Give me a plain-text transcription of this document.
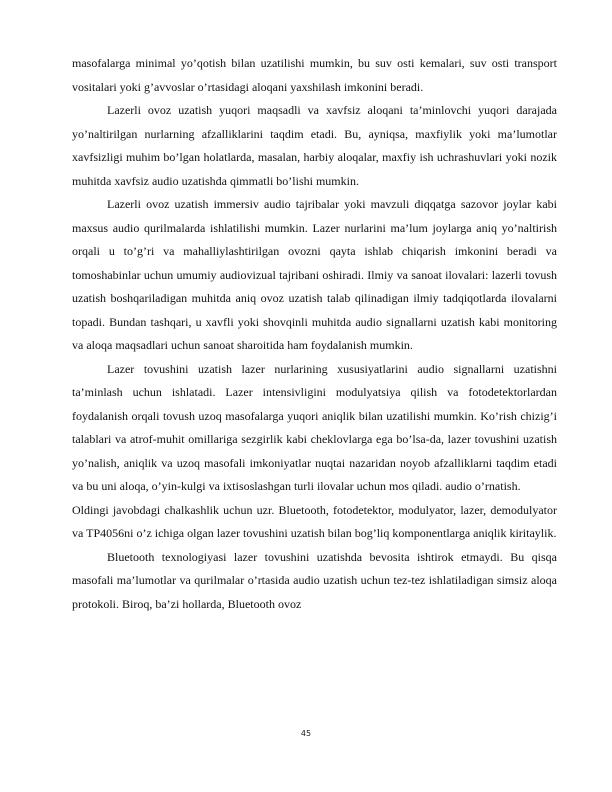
masofalarga minimal yo’qotish bilan uzatilishi mumkin, bu suv osti kemalari, suv osti transport vositalari yoki g’avvoslar o’rtasidagi aloqani yaxshilash imkonini beradi.

Lazerli ovoz uzatish yuqori maqsadli va xavfsiz aloqani ta’minlovchi yuqori darajada yo’naltirilgan nurlarning afzalliklarini taqdim etadi. Bu, ayniqsa, maxfiylik yoki ma’lumotlar xavfsizligi muhim bo’lgan holatlarda, masalan, harbiy aloqalar, maxfiy ish uchrashuvlari yoki nozik muhitda xavfsiz audio uzatishda qimmatli bo’lishi mumkin.

Lazerli ovoz uzatish immersiv audio tajribalar yoki mavzuli diqqatga sazovor joylar kabi maxsus audio qurilmalarda ishlatilishi mumkin. Lazer nurlarini ma’lum joylarga aniq yo’naltirish orqali u to’g’ri va mahalliylashtirilgan ovozni qayta ishlab chiqarish imkonini beradi va tomoshabinlar uchun umumiy audiovizual tajribani oshiradi. Ilmiy va sanoat ilovalari: lazerli tovush uzatish boshqariladigan muhitda aniq ovoz uzatish talab qilinadigan ilmiy tadqiqotlarda ilovalarni topadi. Bundan tashqari, u xavfli yoki shovqinli muhitda audio signallarni uzatish kabi monitoring va aloqa maqsadlari uchun sanoat sharoitida ham foydalanish mumkin.

Lazer tovushini uzatish lazer nurlarining xususiyatlarini audio signallarni uzatishni ta’minlash uchun ishlatadi. Lazer intensivligini modulyatsiya qilish va fotodetektorlardan foydalanish orqali tovush uzoq masofalarga yuqori aniqlik bilan uzatilishi mumkin. Ko’rish chizig’i talablari va atrof-muhit omillariga sezgirlik kabi cheklovlarga ega bo’lsa-da, lazer tovushini uzatish yo’nalish, aniqlik va uzoq masofali imkoniyatlar nuqtai nazaridan noyob afzalliklarni taqdim etadi va bu uni aloqa, o’yin-kulgi va ixtisoslashgan turli ilovalar uchun mos qiladi. audio o’rnatish.

Oldingi javobdagi chalkashlik uchun uzr. Bluetooth, fotodetektor, modulyator, lazer, demodulyator va TP4056ni o’z ichiga olgan lazer tovushini uzatish bilan bog’liq komponentlarga aniqlik kiritaylik.

Bluetooth texnologiyasi lazer tovushini uzatishda bevosita ishtirok etmaydi. Bu qisqa masofali ma’lumotlar va qurilmalar o’rtasida audio uzatish uchun tez-tez ishlatiladigan simsiz aloqa protokoli. Biroq, ba’zi hollarda, Bluetooth ovoz

45
